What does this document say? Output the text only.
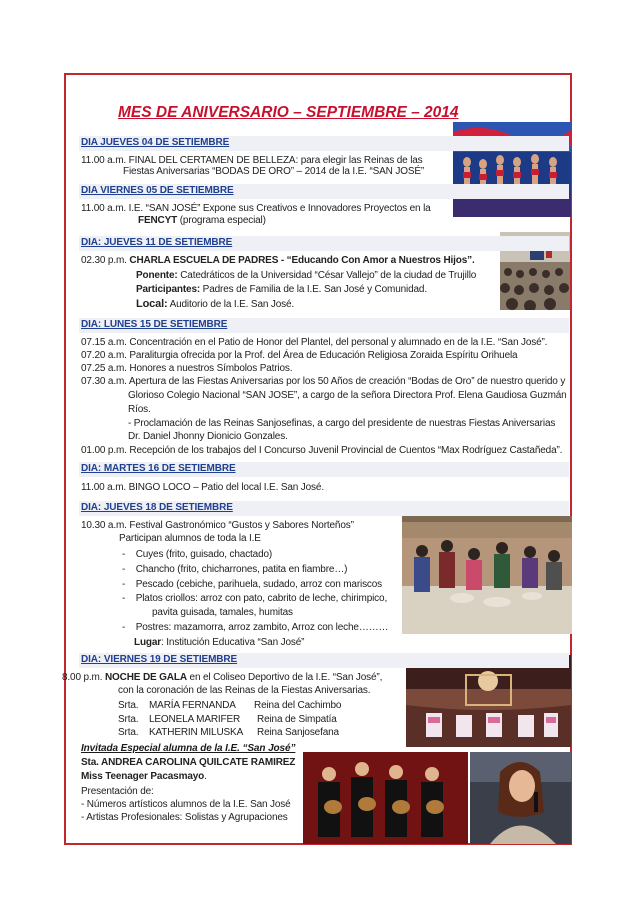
MES DE ANIVERSARIO – SEPTIEMBRE – 2014
DIA JUEVES 04 DE SETIEMBRE
11.00 a.m. FINAL DEL CERTAMEN DE BELLEZA: para elegir las Reinas de las
Fiestas Aniversarias “BODAS DE ORO” – 2014 de la I.E. “SAN JOSÉ”
DIA VIERNES 05 DE SETIEMBRE
11.00 a.m. I.E. “SAN JOSÉ” Expone sus Creativos e Innovadores Proyectos en la
FENCYT (programa especial)
DIA: JUEVES 11 DE SETIEMBRE
02.30 p.m. CHARLA ESCUELA DE PADRES - “Educando Con Amor a Nuestros Hijos”.
Ponente: Catedráticos de la Universidad “César Vallejo” de la ciudad de Trujillo
Participantes: Padres de Familia de la I.E. San José y Comunidad.
Local: Auditorio de la I.E. San José.
DIA: LUNES 15 DE SETIEMBRE
07.15 a.m. Concentración en el Patio de Honor del Plantel, del personal y alumnado en de la I.E. “San José”.
07.20 a.m. Paraliturgia ofrecida por la Prof. del Área de Educación Religiosa Zoraida Espíritu Orihuela
07.25 a.m. Honores a nuestros Símbolos Patrios.
07.30 a.m. Apertura de las Fiestas Aniversarias por los 50 Años de creación “Bodas de Oro” de nuestro querido y
Glorioso Colegio Nacional “SAN JOSE”, a cargo de la señora Directora Prof. Elena Gaudiosa Guzmán
Ríos.
- Proclamación de las Reinas Sanjosefinas, a cargo del presidente de nuestras Fiestas Aniversarias
Dr. Daniel Jhonny Dionicio Gonzales.
01.00 p.m. Recepción de los trabajos del I Concurso Juvenil Provincial de Cuentos “Max Rodríguez Castañeda”.
DIA: MARTES 16 DE SETIEMBRE
11.00 a.m. BINGO LOCO – Patio del local I.E. San José.
DIA: JUEVES 18 DE SETIEMBRE
10.30 a.m. Festival Gastronómico “Gustos y Sabores Norteños”
Participan alumnos de toda la I.E
-    Cuyes (frito, guisado, chactado)
-    Chancho (frito, chicharrones, patita en fiambre…)
-    Pescado (cebiche, parihuela, sudado, arroz con mariscos
-    Platos criollos: arroz con pato, cabrito de leche, chirimpico,
pavita guisada, tamales, humitas
-    Postres: mazamorra, arroz zambito, Arroz con leche………
Lugar: Institución Educativa “San José”
DIA: VIERNES 19 DE SETIEMBRE
8.00 p.m. NOCHE DE GALA en el Coliseo Deportivo de la I.E. “San José”,
con la coronación de las Reinas de la Fiestas Aniversarias.
Srta. MARÍA FERNANDA Reina del Cachimbo
Srta. LEONELA MARIFER Reina de Simpatía
Srta. KATHERIN MILUSKA Reina Sanjosefana
Invitada Especial alumna de la I.E. “San José”
Sta. ANDREA CAROLINA QUILCATE RAMIREZ
Miss Teenager Pacasmayo.
Presentación de:
- Números artísticos alumnos de la I.E. San José
- Artistas Profesionales: Solistas y Agrupaciones
